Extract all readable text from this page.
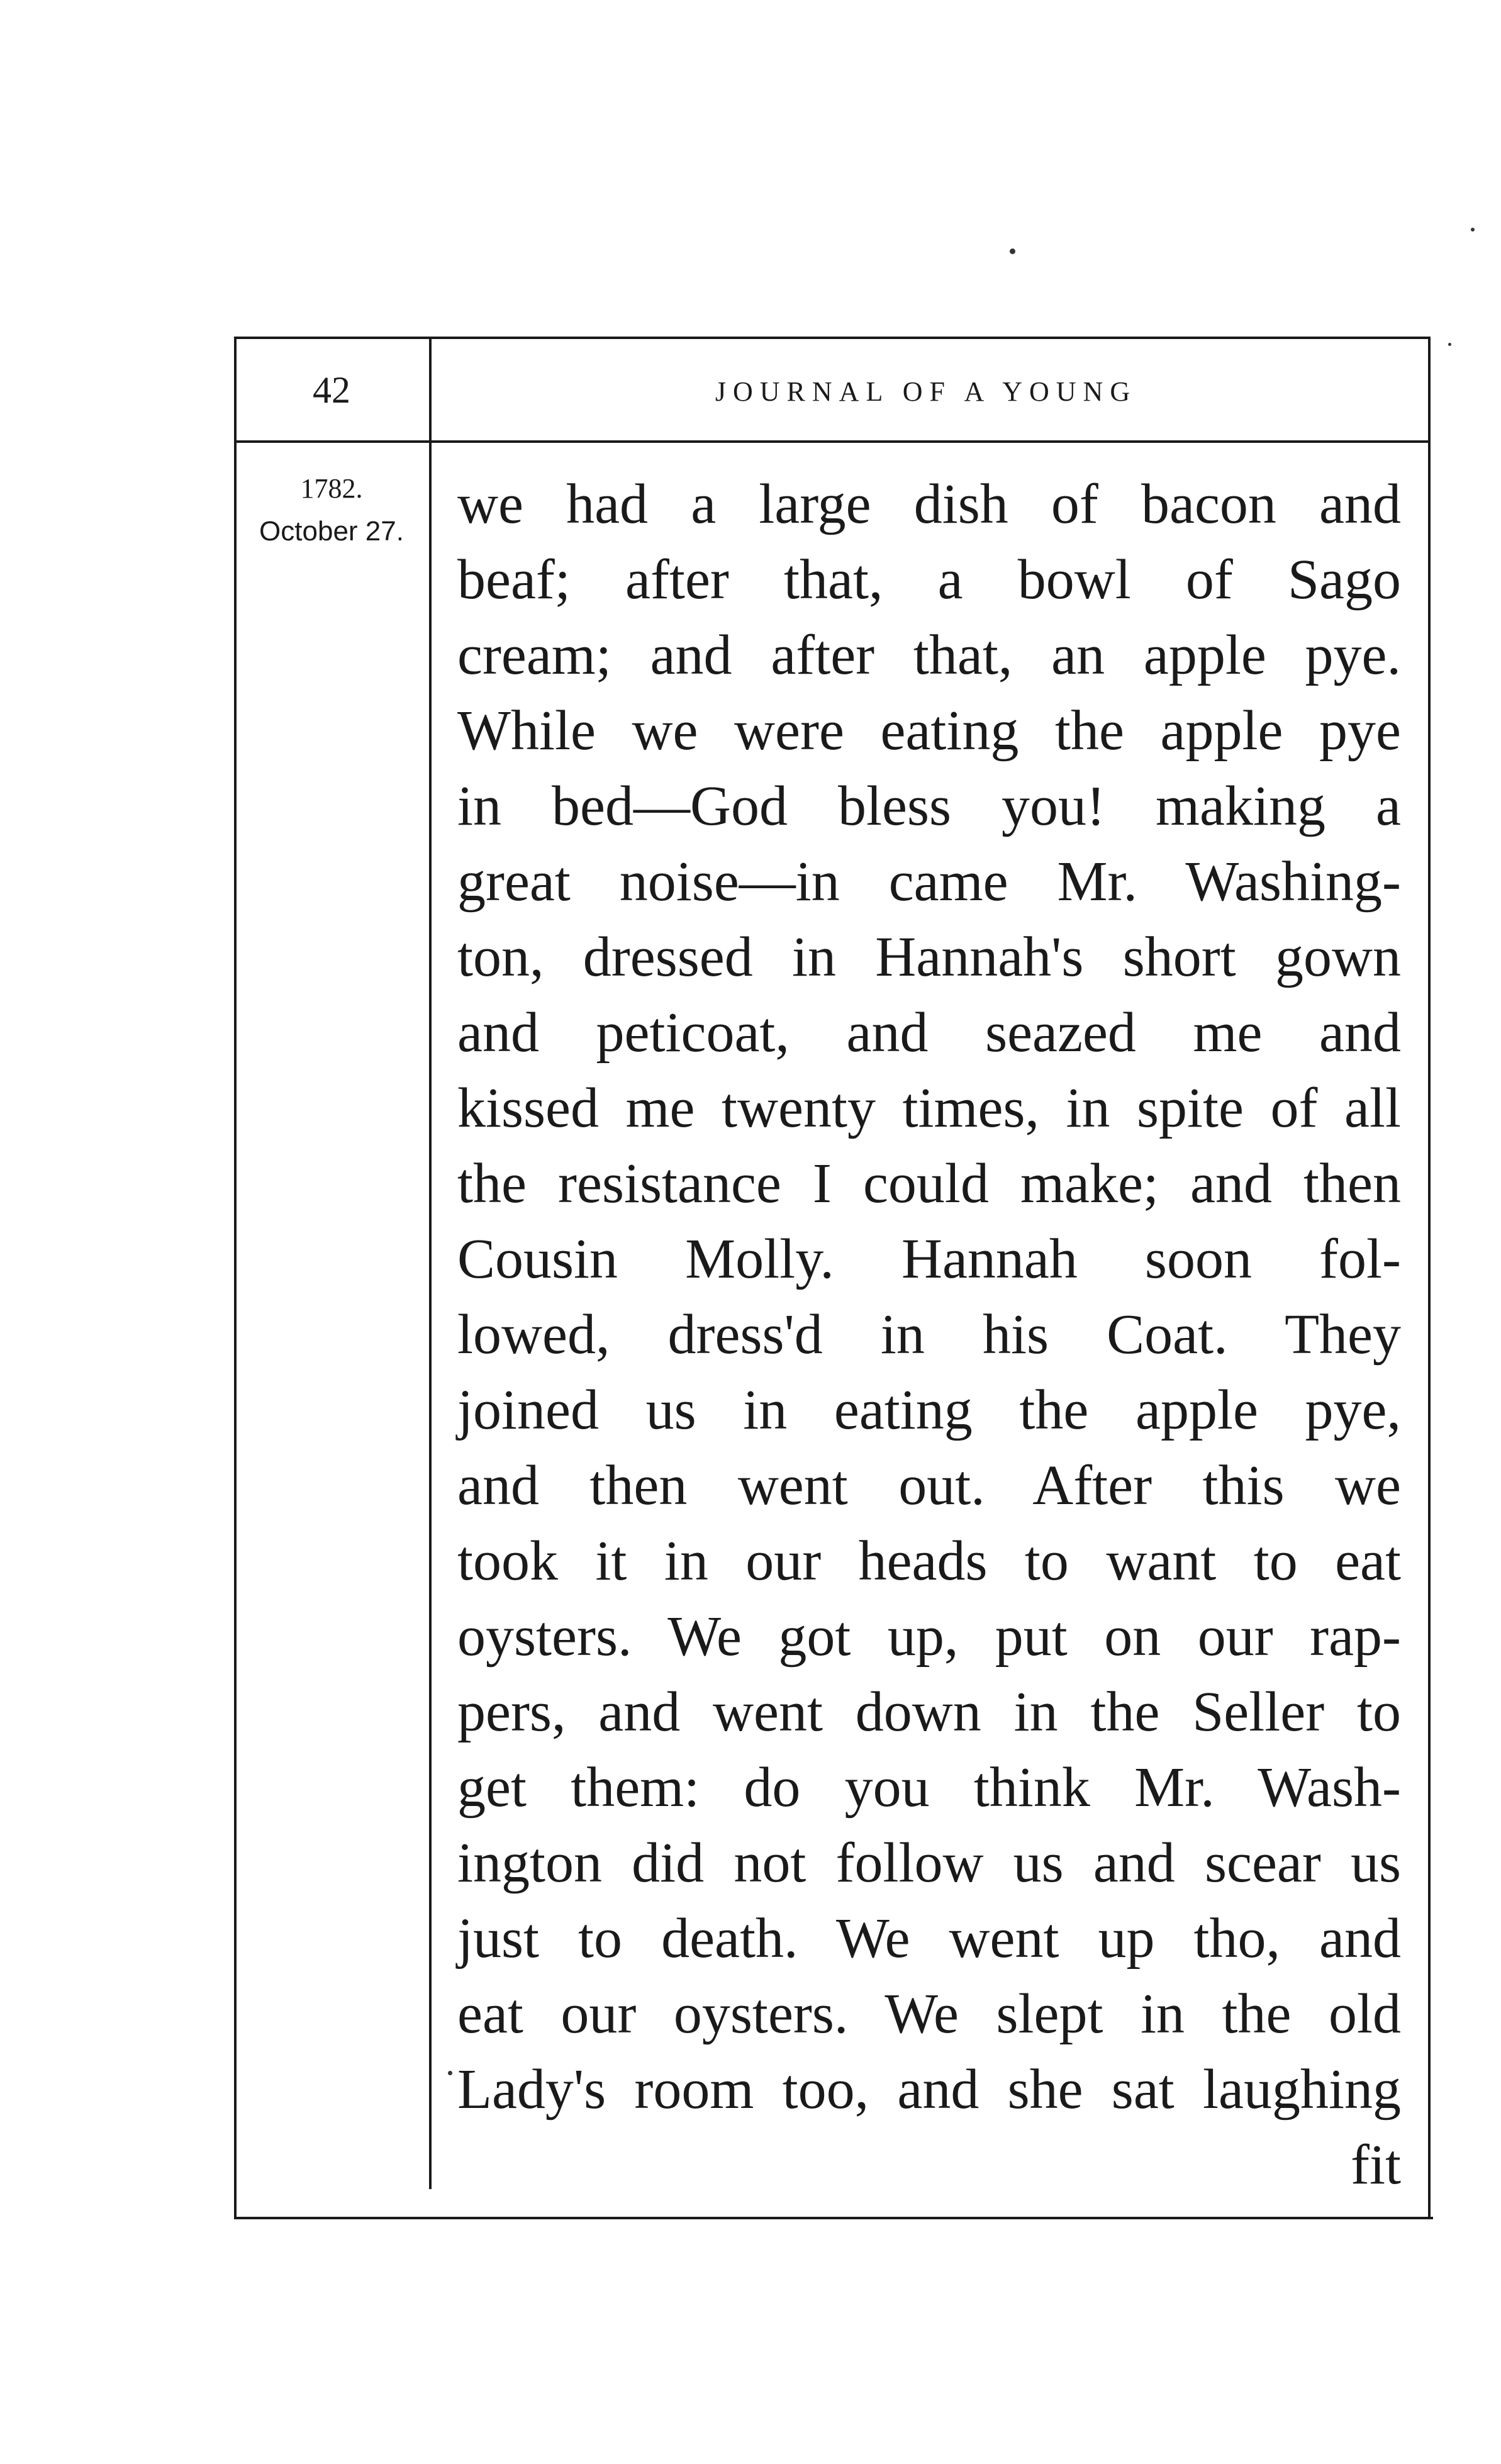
42	JOURNAL OF A YOUNG
1782.
October 27. we had a large dish of bacon and
beaf; after that, a bowl of Sago
cream; and after that, an apple pye.
While we were eating the apple pye
in bed—God bless you! making a
great noise—in came Mr. Washing-
ton, dressed in Hannah's short gown
and peticoat, and seazed me and
kissed me twenty times, in spite of all
the resistance I could make; and then
Cousin Molly. Hannah soon fol-
lowed, dress'd in his Coat. They
joined us in eating the apple pye,
and then went out. After this we
took it in our heads to want to eat
oysters. We got up, put on our rap-
pers, and went down in the Seller to
get them: do you think Mr. Wash-
ington did not follow us and scear us
just to death. We went up tho, and
eat our oysters. We slept in the old
Lady's room too, and she sat laughing
fit
